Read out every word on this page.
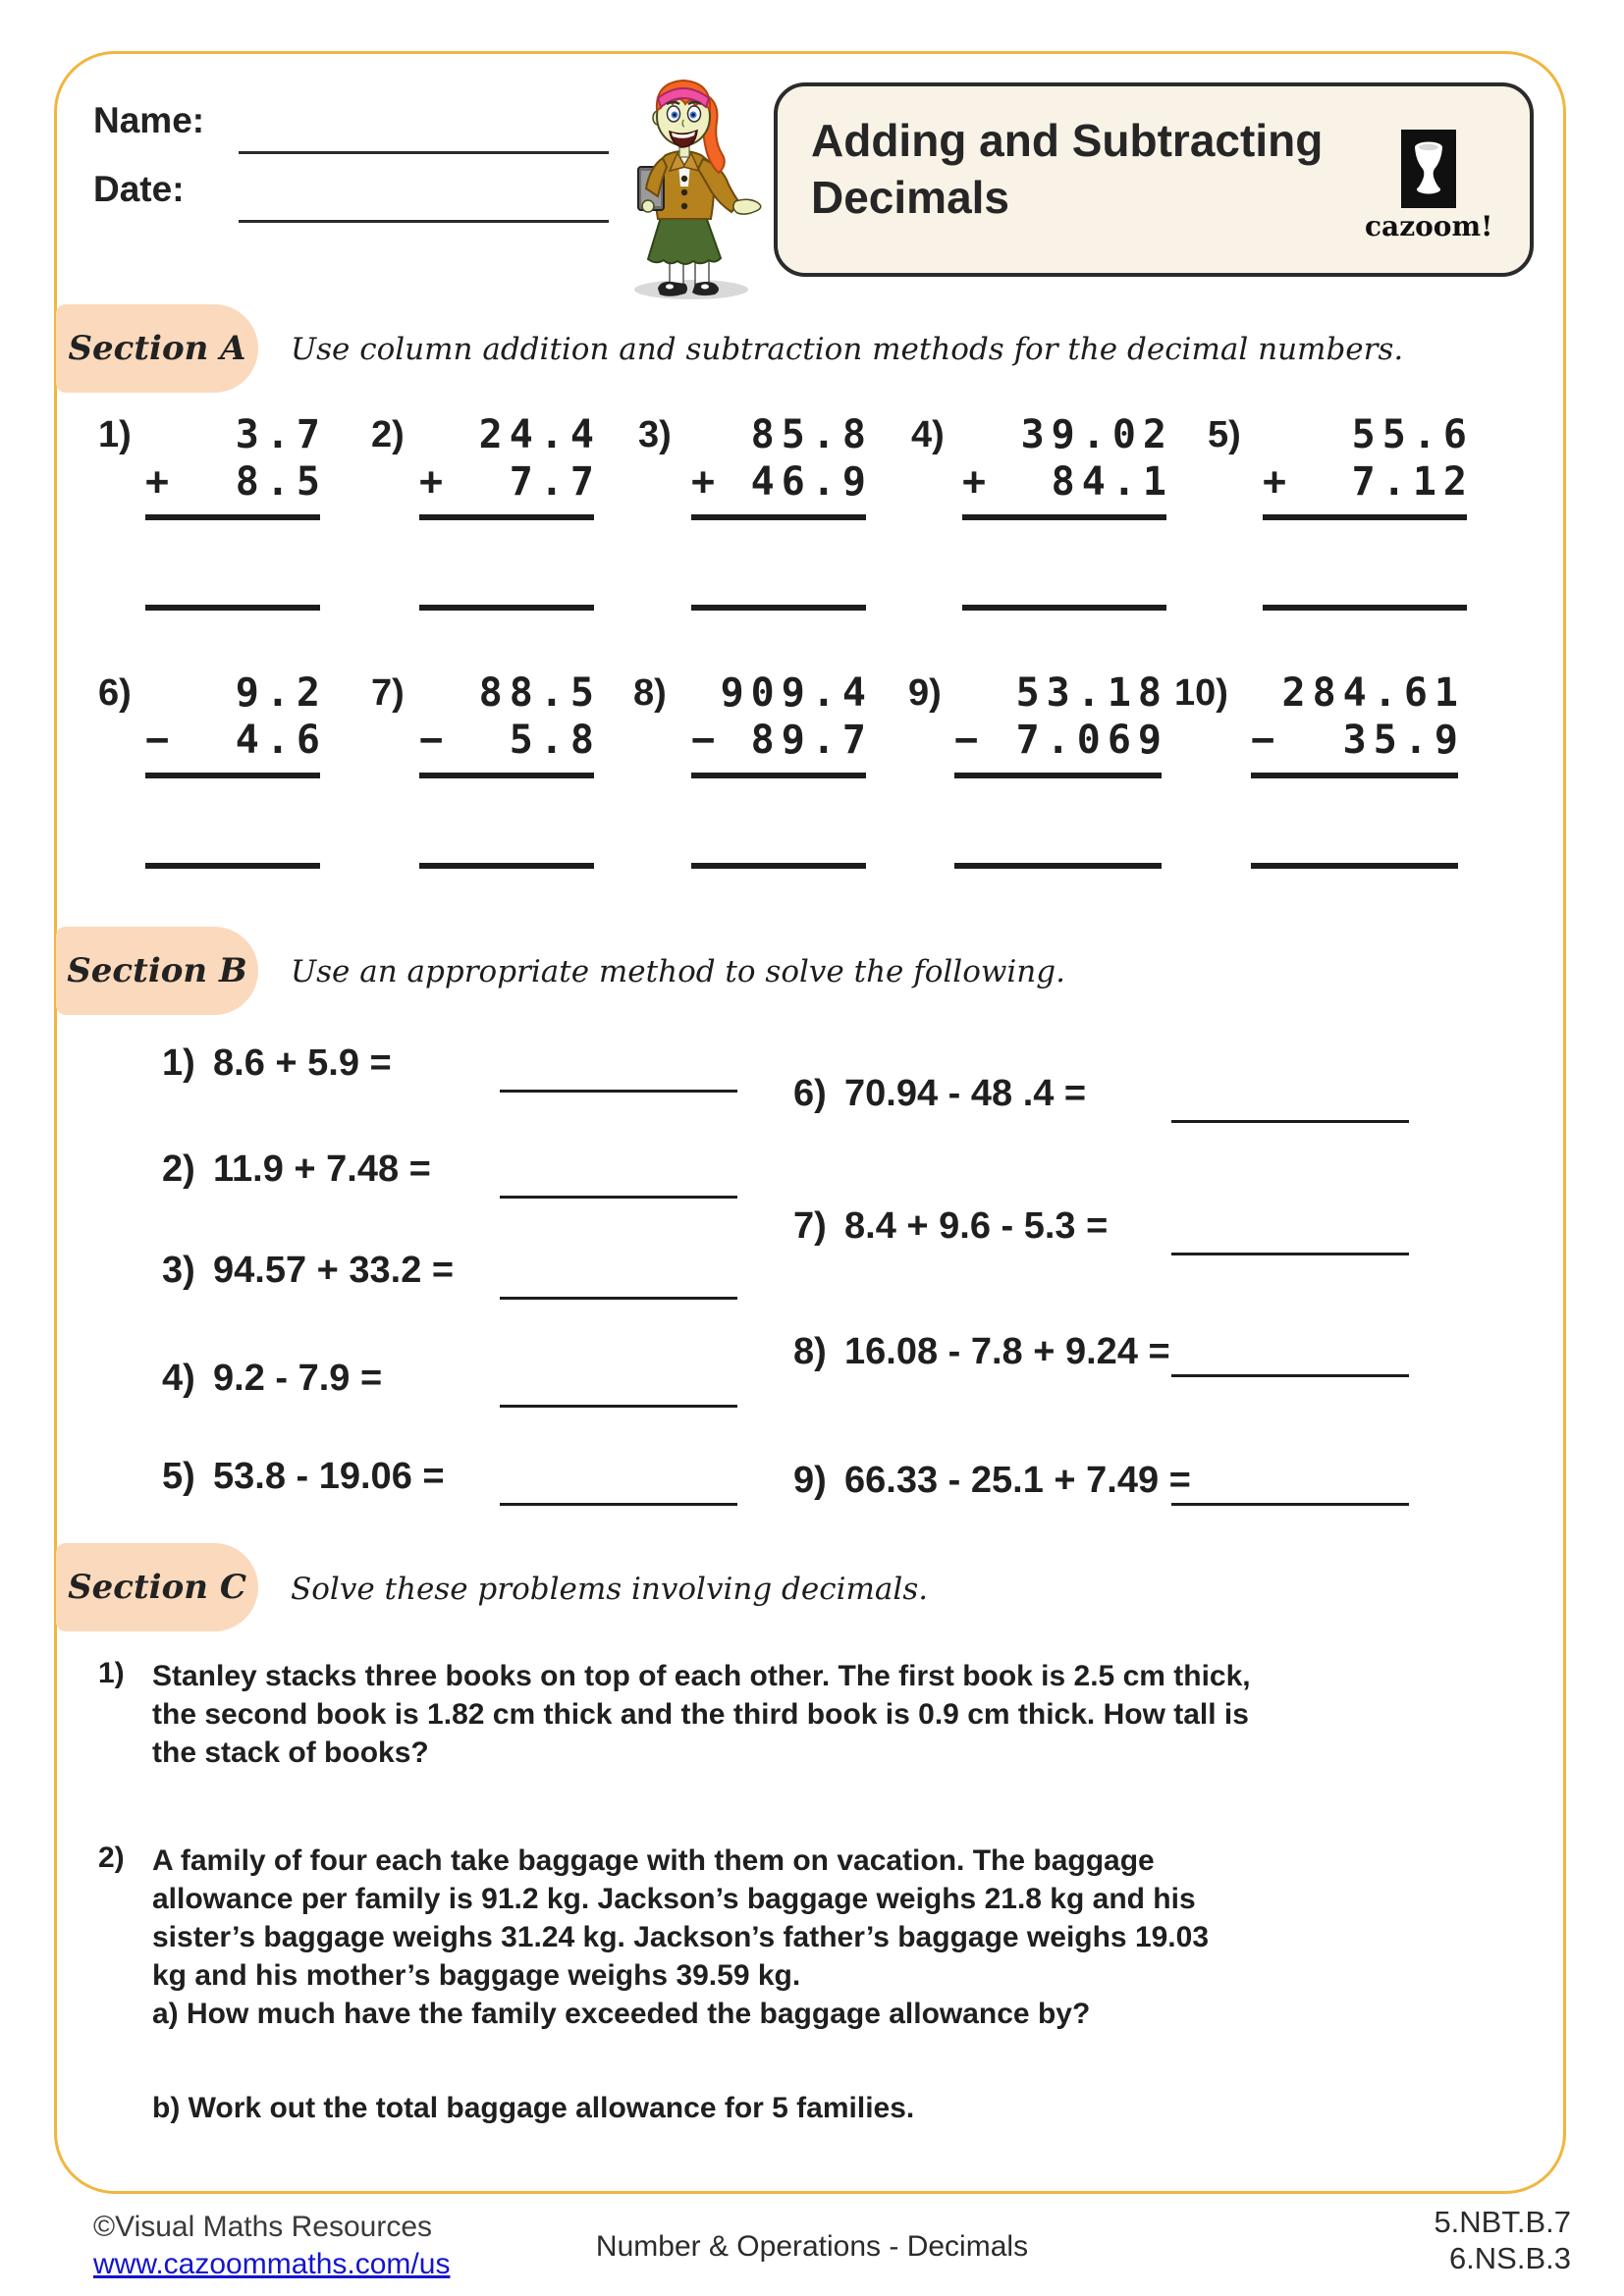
Name:
Date:
Adding and Subtracting
Decimals
cazoom!
Section A Use column addition and subtraction methods for the decimal numbers.
1)	3.7
+ 8.5
2)	24.4
+ 7.7
3)	85.8
+ 46.9
4)	39.02
+ 84.1
5)	55.6
+ 7.12
6)	9.2
− 4.6
7)	88.5
− 5.8
8)	909.4
− 89.7
9)	53.18
− 7.069
10)	284.61
− 35.9
Section B Use an appropriate method to solve the following.
1) 8.6 + 5.9 =
2) 11.9 + 7.48 =
3) 94.57 + 33.2 =
4) 9.2 - 7.9 =
5) 53.8 - 19.06 =
6) 70.94 - 48 .4 =
7) 8.4 + 9.6 - 5.3 =
8) 16.08 - 7.8 + 9.24 =
9) 66.33 - 25.1 + 7.49 =
Section C Solve these problems involving decimals.
1) Stanley stacks three books on top of each other. The first book is 2.5 cm thick,
the second book is 1.82 cm thick and the third book is 0.9 cm thick. How tall is
the stack of books?
2) A family of four each take baggage with them on vacation. The baggage
allowance per family is 91.2 kg. Jackson’s baggage weighs 21.8 kg and his
sister’s baggage weighs 31.24 kg. Jackson’s father’s baggage weighs 19.03
kg and his mother’s baggage weighs 39.59 kg.
a) How much have the family exceeded the baggage allowance by?
b) Work out the total baggage allowance for 5 families.
©Visual Maths Resources
www.cazoommaths.com/us
Number & Operations - Decimals
5.NBT.B.7
6.NS.B.3
